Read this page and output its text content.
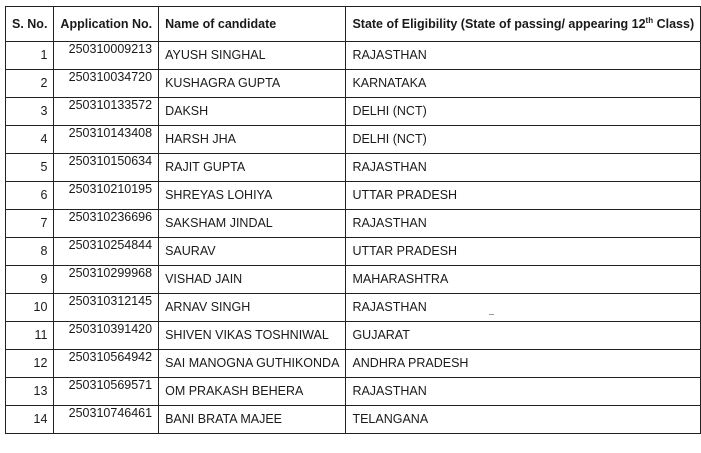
S. No.	Application No.	Name of candidate	State of Eligibility (State of passing/ appearing 12th Class)
1	250310009213	AYUSH SINGHAL	RAJASTHAN
2	250310034720	KUSHAGRA GUPTA	KARNATAKA
3	250310133572	DAKSH	DELHI (NCT)
4	250310143408	HARSH JHA	DELHI (NCT)
5	250310150634	RAJIT GUPTA	RAJASTHAN
6	250310210195	SHREYAS LOHIYA	UTTAR PRADESH
7	250310236696	SAKSHAM JINDAL	RAJASTHAN
8	250310254844	SAURAV	UTTAR PRADESH
9	250310299968	VISHAD JAIN	MAHARASHTRA
10	250310312145	ARNAV SINGH	RAJASTHAN
11	250310391420	SHIVEN VIKAS TOSHNIWAL	GUJARAT
12	250310564942	SAI MANOGNA GUTHIKONDA	ANDHRA PRADESH
13	250310569571	OM PRAKASH BEHERA	RAJASTHAN
14	250310746461	BANI BRATA MAJEE	TELANGANA
